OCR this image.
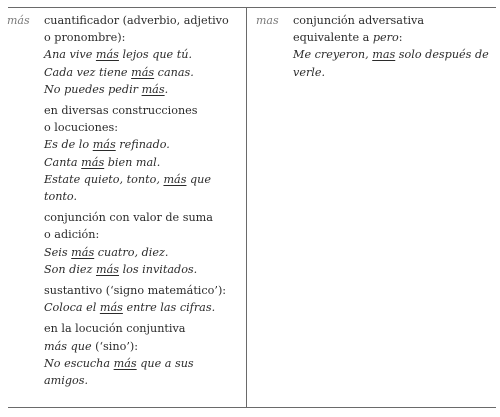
más cuantificador (adverbio, adjetivo
o pronombre):
Ana vive más lejos que tú.
Cada vez tiene más canas.
No puedes pedir más.
en diversas construcciones
o locuciones:
Es de lo más refinado.
Canta más bien mal.
Estate quieto, tonto, más que
tonto.
conjunción con valor de suma
o adición:
Seis más cuatro, diez.
Son diez más los invitados.
sustantivo (‘signo matemático’):
Coloca el más entre las cifras.
en la locución conjuntiva
más que (‘sino’):
No escucha más que a sus
amigos.
mas conjunción adversativa
equivalente a pero:
Me creyeron, mas solo después de
verle.
